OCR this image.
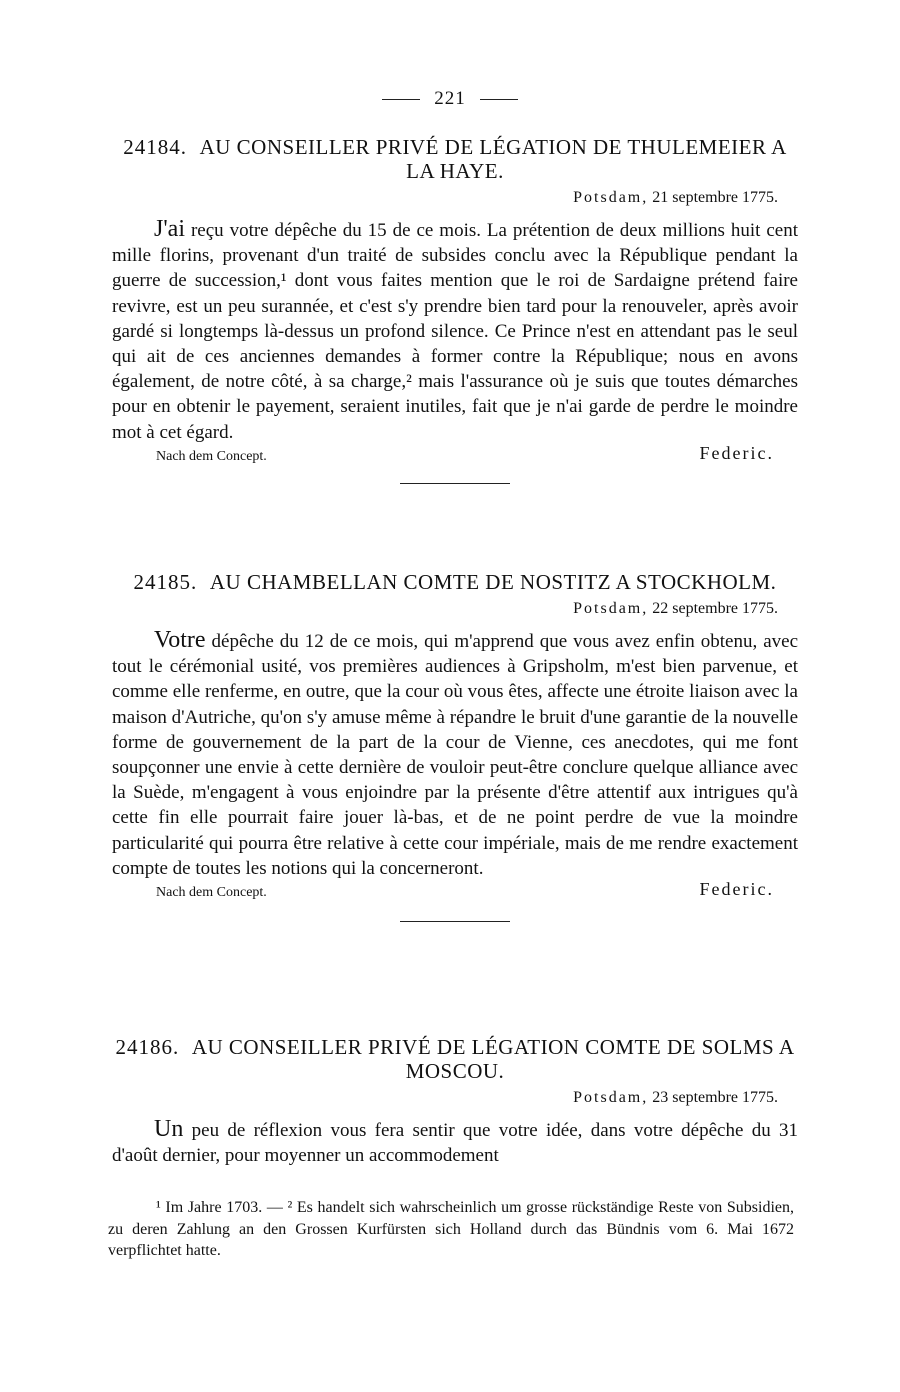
221
24184. AU CONSEILLER PRIVÉ DE LÉGATION DE THULEMEIER A LA HAYE.
Potsdam, 21 septembre 1775.
J'ai reçu votre dépêche du 15 de ce mois. La prétention de deux millions huit cent mille florins, provenant d'un traité de subsides conclu avec la République pendant la guerre de succession,¹ dont vous faites mention que le roi de Sardaigne prétend faire revivre, est un peu surannée, et c'est s'y prendre bien tard pour la renouveler, après avoir gardé si longtemps là-dessus un profond silence. Ce Prince n'est en attendant pas le seul qui ait de ces anciennes demandes à former contre la République; nous en avons également, de notre côté, à sa charge,² mais l'assurance où je suis que toutes démarches pour en obtenir le payement, seraient inutiles, fait que je n'ai garde de perdre le moindre mot à cet égard.
Nach dem Concept.	Federic.
24185. AU CHAMBELLAN COMTE DE NOSTITZ A STOCKHOLM.
Potsdam, 22 septembre 1775.
Votre dépêche du 12 de ce mois, qui m'apprend que vous avez enfin obtenu, avec tout le cérémonial usité, vos premières audiences à Gripsholm, m'est bien parvenue, et comme elle renferme, en outre, que la cour où vous êtes, affecte une étroite liaison avec la maison d'Autriche, qu'on s'y amuse même à répandre le bruit d'une garantie de la nouvelle forme de gouvernement de la part de la cour de Vienne, ces anecdotes, qui me font soupçonner une envie à cette dernière de vouloir peut-être conclure quelque alliance avec la Suède, m'engagent à vous enjoindre par la présente d'être attentif aux intrigues qu'à cette fin elle pourrait faire jouer là-bas, et de ne point perdre de vue la moindre particularité qui pourra être relative à cette cour impériale, mais de me rendre exactement compte de toutes les notions qui la concerneront.
Nach dem Concept.	Federic.
24186. AU CONSEILLER PRIVÉ DE LÉGATION COMTE DE SOLMS A MOSCOU.
Potsdam, 23 septembre 1775.
Un peu de réflexion vous fera sentir que votre idée, dans votre dépêche du 31 d'août dernier, pour moyenner un accommodement
¹ Im Jahre 1703. — ² Es handelt sich wahrscheinlich um grosse rückständige Reste von Subsidien, zu deren Zahlung an den Grossen Kurfürsten sich Holland durch das Bündnis vom 6. Mai 1672 verpflichtet hatte.
